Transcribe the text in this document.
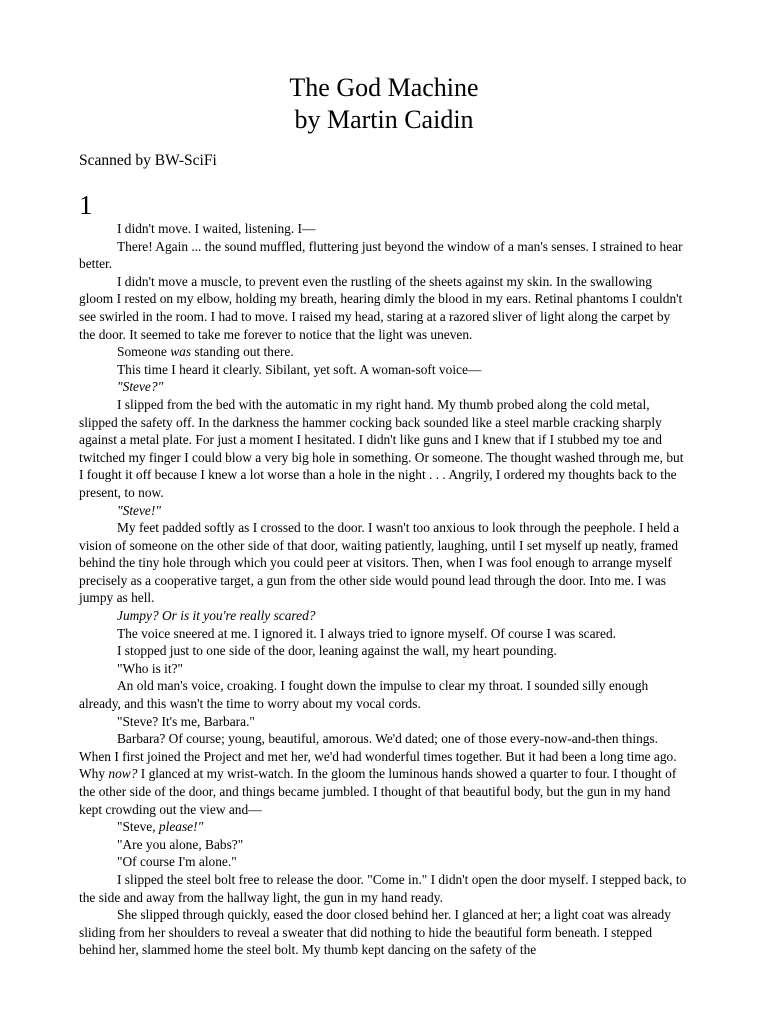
The God Machine
by Martin Caidin

Scanned by BW-SciFi

1

I didn't move. I waited, listening. I—

There! Again ... the sound muffled, fluttering just beyond the window of a man's senses. I strained to hear better.

I didn't move a muscle, to prevent even the rustling of the sheets against my skin. In the swallowing gloom I rested on my elbow, holding my breath, hearing dimly the blood in my ears. Retinal phantoms I couldn't see swirled in the room. I had to move. I raised my head, staring at a razored sliver of light along the carpet by the door. It seemed to take me forever to notice that the light was uneven.

Someone was standing out there.

This time I heard it clearly. Sibilant, yet soft. A woman-soft voice—

"Steve?"

I slipped from the bed with the automatic in my right hand. My thumb probed along the cold metal, slipped the safety off. In the darkness the hammer cocking back sounded like a steel marble cracking sharply against a metal plate. For just a moment I hesitated. I didn't like guns and I knew that if I stubbed my toe and twitched my finger I could blow a very big hole in something. Or someone. The thought washed through me, but I fought it off because I knew a lot worse than a hole in the night . . . Angrily, I ordered my thoughts back to the present, to now.

"Steve!"

My feet padded softly as I crossed to the door. I wasn't too anxious to look through the peephole. I held a vision of someone on the other side of that door, waiting patiently, laughing, until I set myself up neatly, framed behind the tiny hole through which you could peer at visitors. Then, when I was fool enough to arrange myself precisely as a cooperative target, a gun from the other side would pound lead through the door. Into me. I was jumpy as hell.

Jumpy? Or is it you're really scared?

The voice sneered at me. I ignored it. I always tried to ignore myself. Of course I was scared.

I stopped just to one side of the door, leaning against the wall, my heart pounding.

"Who is it?"

An old man's voice, croaking. I fought down the impulse to clear my throat. I sounded silly enough already, and this wasn't the time to worry about my vocal cords.

"Steve? It's me, Barbara."

Barbara? Of course; young, beautiful, amorous. We'd dated; one of those every-now-and-then things. When I first joined the Project and met her, we'd had wonderful times together. But it had been a long time ago. Why now? I glanced at my wrist-watch. In the gloom the luminous hands showed a quarter to four. I thought of the other side of the door, and things became jumbled. I thought of that beautiful body, but the gun in my hand kept crowding out the view and—

"Steve, please!"

"Are you alone, Babs?"

"Of course I'm alone."

I slipped the steel bolt free to release the door. "Come in." I didn't open the door myself. I stepped back, to the side and away from the hallway light, the gun in my hand ready.

She slipped through quickly, eased the door closed behind her. I glanced at her; a light coat was already sliding from her shoulders to reveal a sweater that did nothing to hide the beautiful form beneath. I stepped behind her, slammed home the steel bolt. My thumb kept dancing on the safety of the
